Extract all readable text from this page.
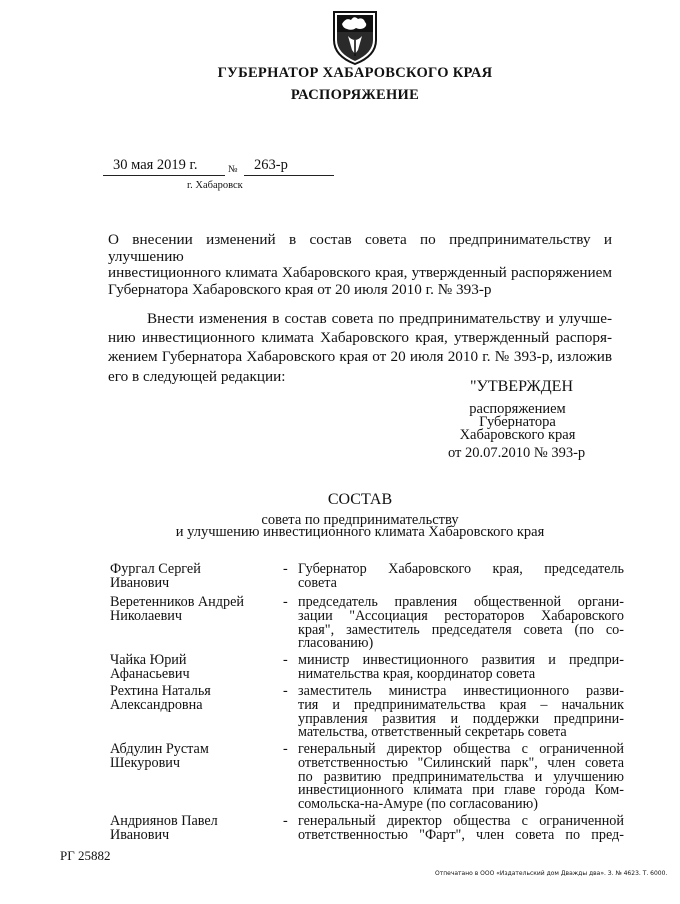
ГУБЕРНАТОР ХАБАРОВСКОГО КРАЯ
РАСПОРЯЖЕНИЕ
30 мая 2019 г.	№ 263-р
г. Хабаровск
О внесении изменений в состав совета по предпринимательству и улучшению
инвестиционного климата Хабаровского края, утвержденный распоряжением
Губернатора Хабаровского края от 20 июля 2010 г. № 393-р
Внести изменения в состав совета по предпринимательству и улучше-
нию инвестиционного климата Хабаровского края, утвержденный распоря-
жением Губернатора Хабаровского края от 20 июля 2010 г. № 393-р, изложив
его в следующей редакции:
"УТВЕРЖДЕН
распоряжением
Губернатора
Хабаровского края
от 20.07.2010 № 393-р
СОСТАВ
совета по предпринимательству
и улучшению инвестиционного климата Хабаровского края
Фургал Сергей
Иванович
- Губернатор Хабаровского края, председатель
совета
Веретенников Андрей
Николаевич
- председатель правления общественной органи-
зации "Ассоциация рестораторов Хабаровского
края", заместитель председателя совета (по со-
гласованию)
Чайка Юрий
Афанасьевич
- министр инвестиционного развития и предпри-
нимательства края, координатор совета
Рехтина Наталья
Александровна
- заместитель министра инвестиционного разви-
тия и предпринимательства края – начальник
управления развития и поддержки предприни-
мательства, ответственный секретарь совета
Абдулин Рустам
Шекурович
- генеральный директор общества с ограниченной
ответственностью "Силинский парк", член совета
по развитию предпринимательства и улучшению
инвестиционного климата при главе города Ком-
сомольска-на-Амуре (по согласованию)
Андриянов Павел
Иванович
- генеральный директор общества с ограниченной
ответственностью "Фарт", член совета по пред-
РГ 25882
Отпечатано в ООО «Издательский дом Дважды два». З. № 4623. Т. 6000.
